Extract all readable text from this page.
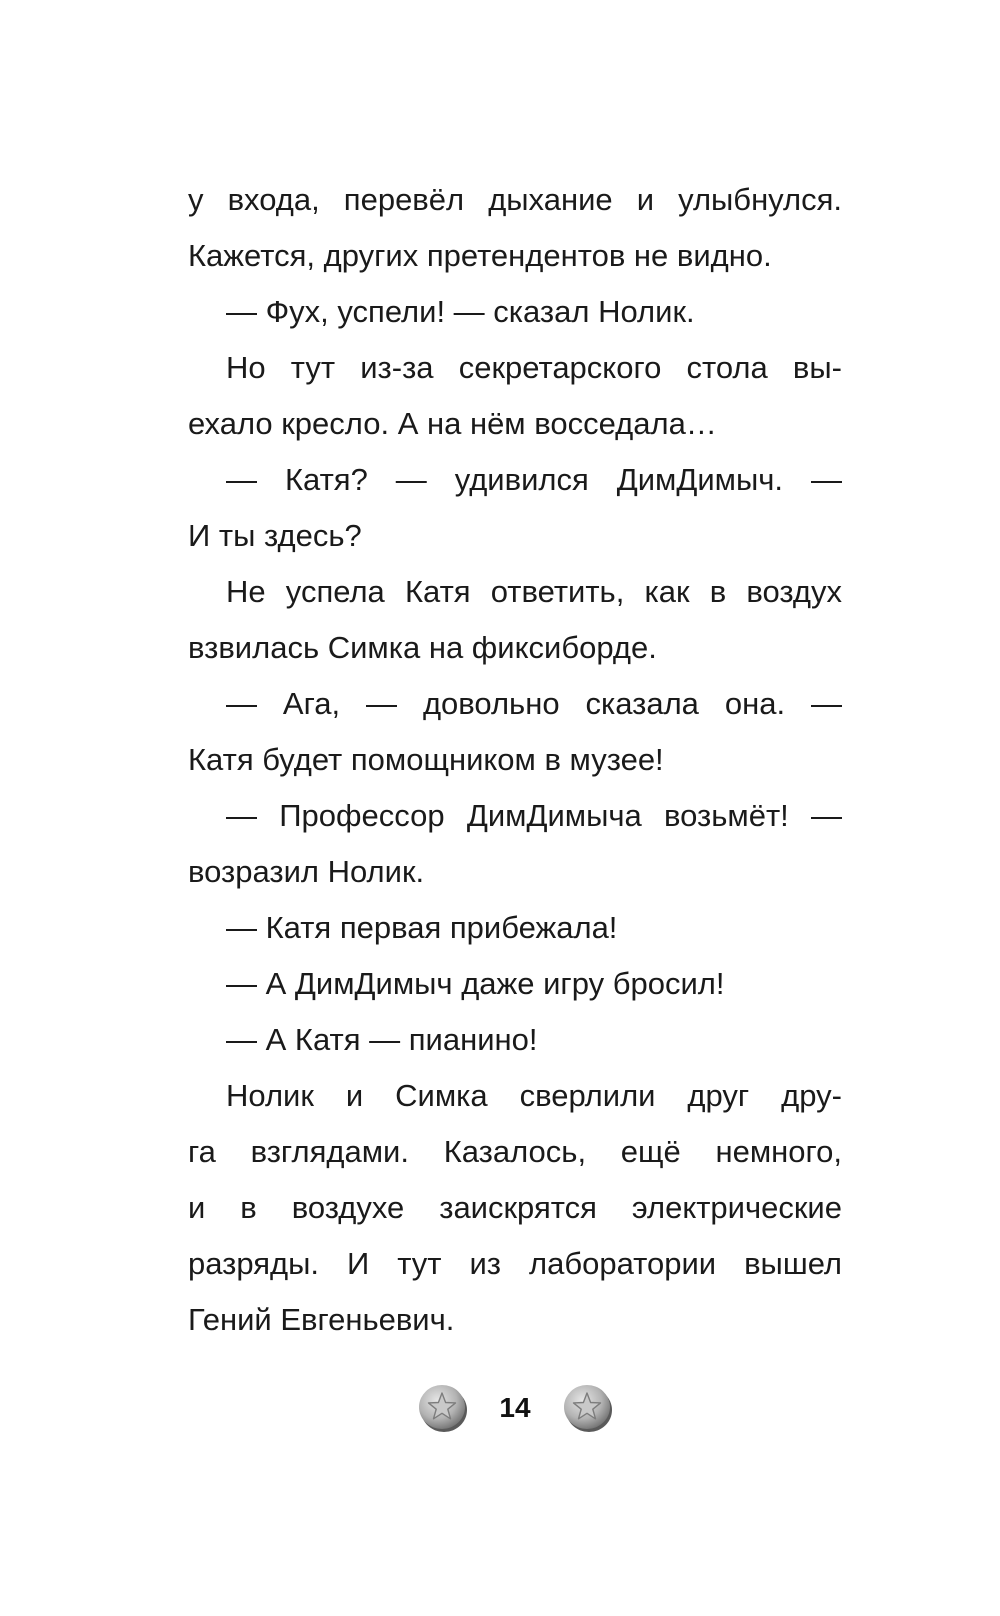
у входа, перевёл дыхание и улыбнулся.
Кажется, других претендентов не видно.
— Фух, успели! — сказал Нолик.
Но тут из-за секретарского стола вы-
ехало кресло. А на нём восседала…
— Катя? — удивился ДимДимыч. —
И ты здесь?
Не успела Катя ответить, как в воздух
взвилась Симка на фиксиборде.
— Ага, — довольно сказала она. —
Катя будет помощником в музее!
— Профессор ДимДимыча возьмёт! —
возразил Нолик.
— Катя первая прибежала!
— А ДимДимыч даже игру бросил!
— А Катя — пианино!
Нолик и Симка сверлили друг дру-
га взглядами. Казалось, ещё немного,
и в воздухе заискрятся электрические
разряды. И тут из лаборатории вышел
Гений Евгеньевич.
14
